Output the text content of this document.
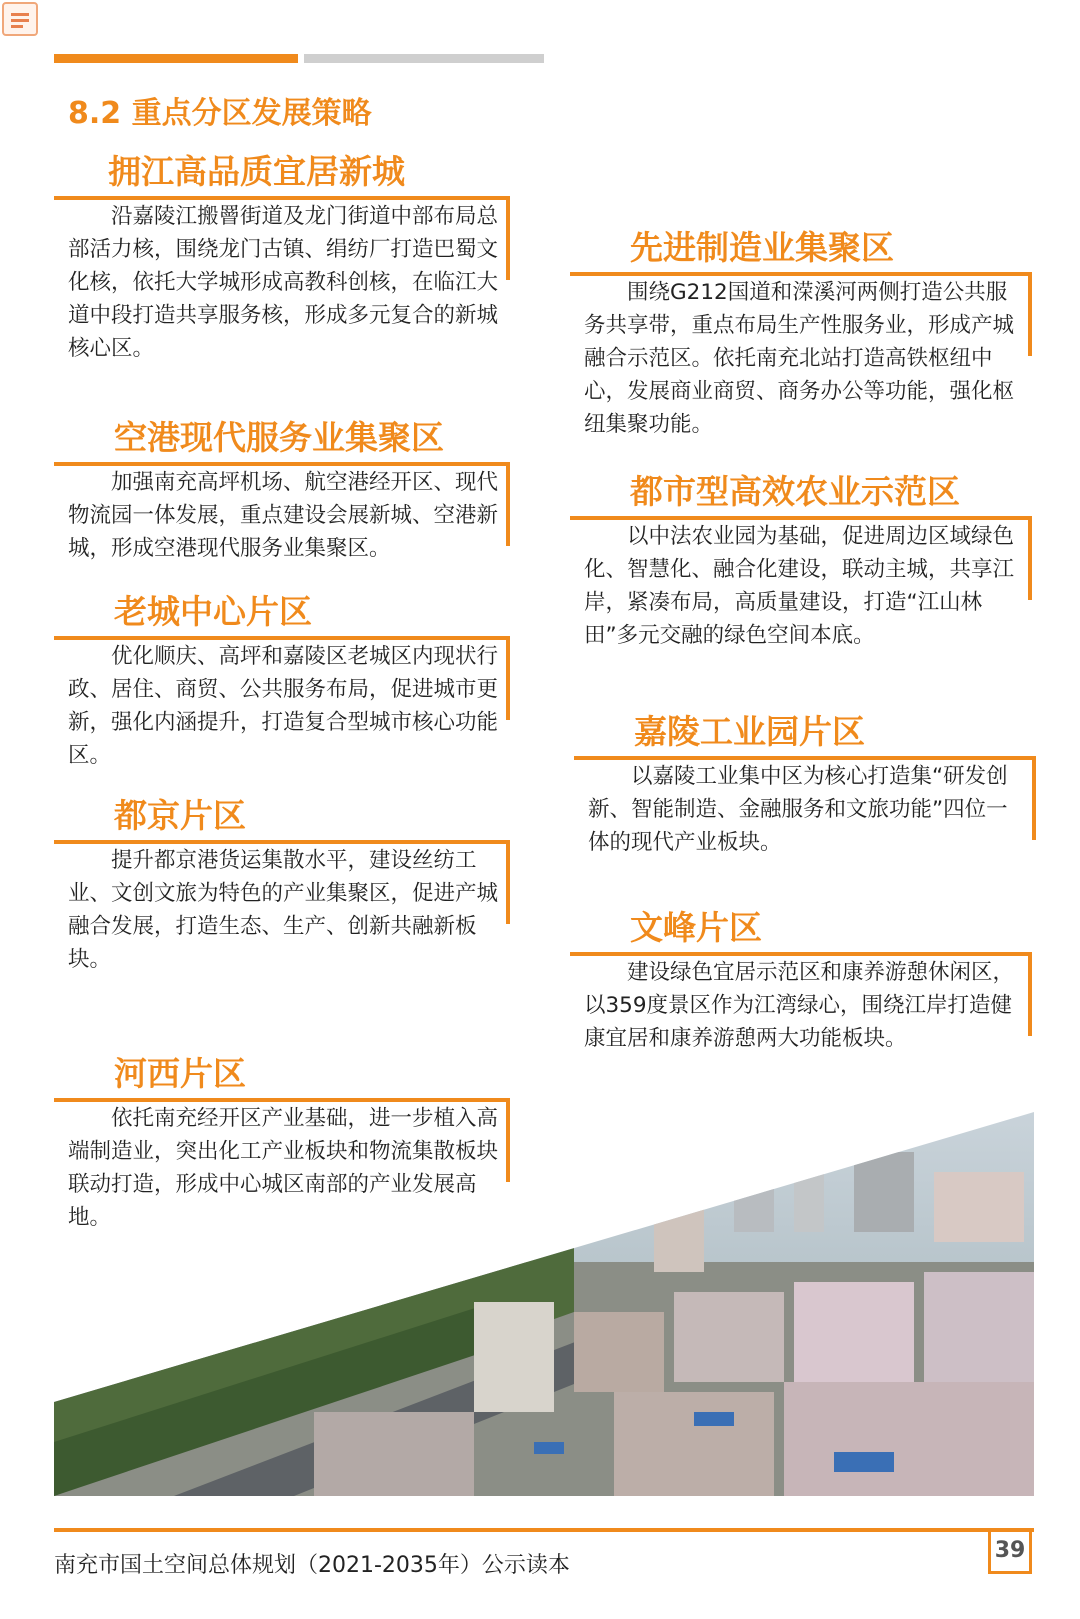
8.2 重点分区发展策略
拥江高品质宜居新城

沿嘉陵江搬罾街道及龙门街道中部布局总部活力核，围绕龙门古镇、绢纺厂打造巴蜀文化核，依托大学城形成高教科创核，在临江大道中段打造共享服务核，形成多元复合的新城核心区。

空港现代服务业集聚区

加强南充高坪机场、航空港经开区、现代物流园一体发展，重点建设会展新城、空港新城，形成空港现代服务业集聚区。

老城中心片区

优化顺庆、高坪和嘉陵区老城区内现状行政、居住、商贸、公共服务布局，促进城市更新，强化内涵提升，打造复合型城市核心功能区。

都京片区

提升都京港货运集散水平，建设丝纺工业、文创文旅为特色的产业集聚区，促进产城融合发展，打造生态、生产、创新共融新板块。

河西片区

依托南充经开区产业基础，进一步植入高端制造业，突出化工产业板块和物流集散板块联动打造，形成中心城区南部的产业发展高地。

先进制造业集聚区

围绕G212国道和溁溪河两侧打造公共服务共享带，重点布局生产性服务业，形成产城融合示范区。依托南充北站打造高铁枢纽中心，发展商业商贸、商务办公等功能，强化枢纽集聚功能。

都市型高效农业示范区

以中法农业园为基础，促进周边区域绿色化、智慧化、融合化建设，联动主城，共享江岸，紧凑布局，高质量建设，打造“江山林田”多元交融的绿色空间本底。

嘉陵工业园片区

以嘉陵工业集中区为核心打造集“研发创新、智能制造、金融服务和文旅功能”四位一体的现代产业板块。

文峰片区

建设绿色宜居示范区和康养游憩休闲区，以359度景区作为江湾绿心，围绕江岸打造健康宜居和康养游憩两大功能板块。

南充市国土空间总体规划（2021-2035年）公示读本
39
